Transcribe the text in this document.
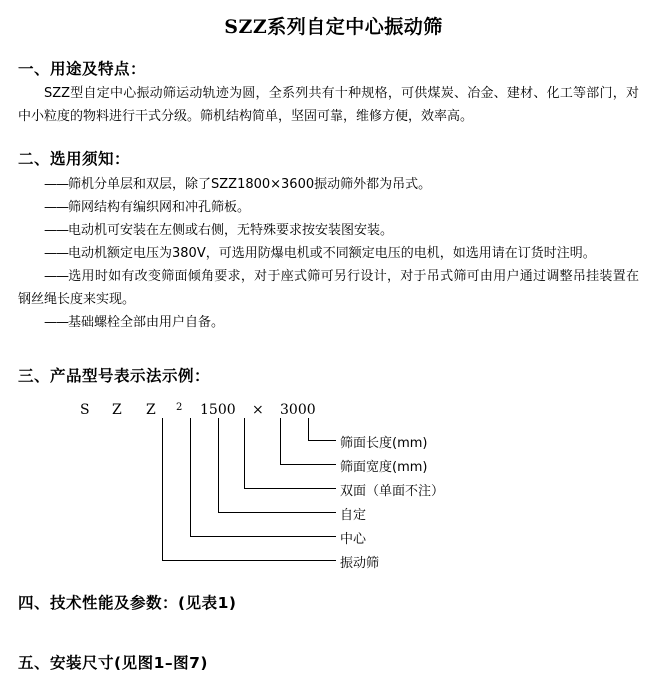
SZZ系列自定中心振动筛
一、用途及特点：

SZZ型自定中心振动筛运动轨迹为圆，全系列共有十种规格，可供煤炭、冶金、建材、化工等部门，对中小粒度的物料进行干式分级。筛机结构简单，坚固可靠，维修方便，效率高。

二、选用须知：
——筛机分单层和双层，除了SZZ1800×3600振动筛外都为吊式。
——筛网结构有编织网和冲孔筛板。
——电动机可安装在左侧或右侧，无特殊要求按安装图安装。
——电动机额定电压为380V，可选用防爆电机或不同额定电压的电机，如选用请在订货时注明。
——选用时如有改变筛面倾角要求，对于座式筛可另行设计，对于吊式筛可由用户通过调整吊挂装置在钢丝绳长度来实现。
——基础螺栓全部由用户自备。
三、产品型号表示法示例：
S Z Z 2 1500 × 3000
筛面长度(mm)
筛面宽度(mm)
双面（单面不注）
自定
中心
振动筛
四、技术性能及参数：(见表1)
五、安装尺寸(见图1–图7)
